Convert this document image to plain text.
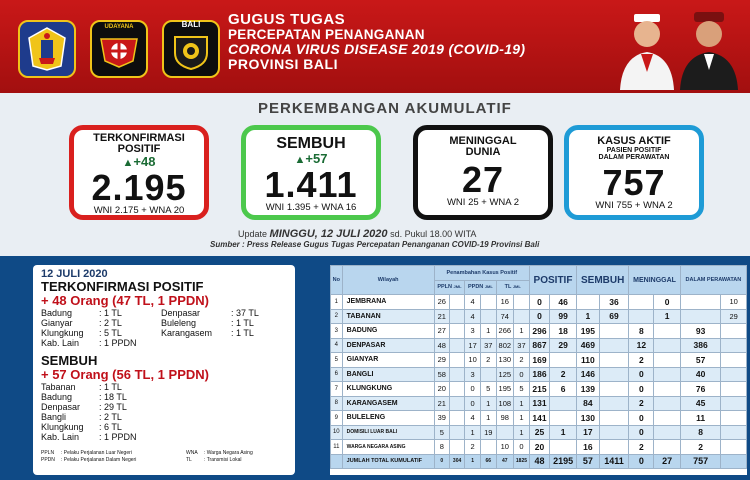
UDAYANA	BALI	GUGUS TUGAS
PERCEPATAN PENANGANAN
CORONA VIRUS DISEASE 2019 (COVID-19)
PROVINSI BALI
PERKEMBANGAN AKUMULATIF
TERKONFIRMASI
POSITIF
▲+48
2.195
WNI 2.175 + WNA 20
SEMBUH
▲+57
1.411
WNI 1.395 + WNA 16
MENINGGAL
DUNIA
27
WNI 25 + WNA 2
KASUS AKTIF
PASIEN POSITIF
DALAM PERAWATAN
757
WNI 755 + WNA 2
Update MINGGU, 12 JULI 2020 sd. Pukul 18.00 WITA
Sumber : Press Release Gugus Tugas Percepatan Penanganan COVID-19 Provinsi Bali
12 JULI 2020
TERKONFIRMASI POSITIF
+ 48 Orang (47 TL, 1 PPDN)
Badung	: 1 TL	Denpasar	: 37 TL
Gianyar	: 2 TL	Buleleng	: 1 TL
Klungkung	: 5 TL	Karangasem	: 1 TL
Kab. Lain	: 1 PPDN
SEMBUH
+ 57 Orang (56 TL, 1 PPDN)
Tabanan	: 1 TL
Badung	: 18 TL
Denpasar	: 29 TL
Bangli	: 2 TL
Klungkung	: 6 TL
Kab. Lain	: 1 PPDN
PPLN	: Pelaku Perjalanan Luar Negeri	WNA	: Warga Negara Asing
PPDN	: Pelaku Perjalanan Dalam Negeri	TL	: Transmisi Lokal
No	Wilayah	Penambahan Kasus Positif						POSITIF		SEMBUH		MENINGGAL		DALAM PERAWATAN	
		PPLN JML		PPDN JML		TL JML									
1	JEMBRANA	26		4		16		0	46		36		0		10
2	TABANAN	21		4		74		0	99	1	69		1		29
3	BADUNG	27		3	1	266	1	296	18	195		8		93	
4	DENPASAR	48		17	37	802	37	867	29	469		12		386	
5	GIANYAR	29		10	2	130	2	169		110		2		57	
6	BANGLI	58		3		125	0	186	2	146		0		40	
7	KLUNGKUNG	20		0	5	195	5	215	6	139		0		76	
8	KARANGASEM	21		0	1	108	1	131		84		2		45	
9	BULELENG	39		4	1	98	1	141		130		0		11	
10	DOMISILI LUAR BALI	5		1	19		1	25	1	17		0		8	
11	WARGA NEGARA ASING	8		2		10	0	20		16		2		2	
	JUMLAH TOTAL KUMULATIF	0	304	1	66	47	1825	48	2195	57	1411	0	27	757	
